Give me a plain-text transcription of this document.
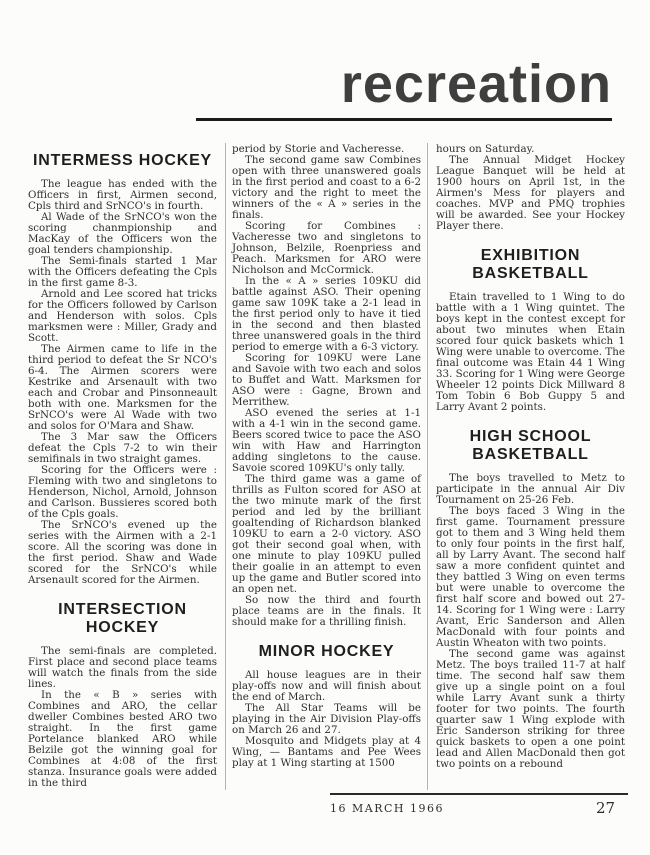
recreation
INTERMESS HOCKEY

The league has ended with the Officers in first, Airmen second, Cpls third and SrNCO's in fourth.

Al Wade of the SrNCO's won the scoring chanmpionship and MacKay of the Officers won the goal tenders championship.

The Semi-finals started 1 Mar with the Officers defeating the Cpls in the first game 8-3.

Arnold and Lee scored hat tricks for the Officers followed by Carlson and Henderson with solos. Cpls marksmen were : Miller, Grady and Scott.

The Airmen came to life in the third period to defeat the Sr NCO's 6-4. The Airmen scorers were Kestrike and Arsenault with two each and Crobar and Pinsonneault both with one. Marksmen for the SrNCO's were Al Wade with two and solos for O'Mara and Shaw.

The 3 Mar saw the Officers defeat the Cpls 7-2 to win their semifinals in two straight games.

Scoring for the Officers were : Fleming with two and singletons to Henderson, Nichol, Arnold, Johnson and Carlson. Bussieres scored both of the Cpls goals.

The SrNCO's evened up the series with the Airmen with a 2-1 score. All the scoring was done in the first period. Shaw and Wade scored for the SrNCO's while Arsenault scored for the Airmen.

INTERSECTION HOCKEY

The semi-finals are completed. First place and second place teams will watch the finals from the side lines.

In the « B » series with Combines and ARO, the cellar dweller Combines bested ARO two straight. In the first game Portelance blanked ARO while Belzile got the winning goal for Combines at 4:08 of the first stanza. Insurance goals were added in the third

period by Storie and Vacheresse.

The second game saw Combines open with three unanswered goals in the first period and coast to a 6-2 victory and the right to meet the winners of the « A » series in the finals.

Scoring for Combines : Vacheresse two and singletons to Johnson, Belzile, Roenpriess and Peach. Marksmen for ARO were Nicholson and McCormick.

In the « A » series 109KU did battle against ASO. Their opening game saw 109K take a 2-1 lead in the first period only to have it tied in the second and then blasted three unanswered goals in the third period to emerge with a 6-3 victory.

Scoring for 109KU were Lane and Savoie with two each and solos to Buffet and Watt. Marksmen for ASO were : Gagne, Brown and Merrithew.

ASO evened the series at 1-1 with a 4-1 win in the second game. Beers scored twice to pace the ASO win with Haw and Harrington adding singletons to the cause. Savoie scored 109KU's only tally.

The third game was a game of thrills as Fulton scored for ASO at the two minute mark of the first period and led by the brilliant goaltending of Richardson blanked 109KU to earn a 2-0 victory. ASO got their second goal when, with one minute to play 109KU pulled their goalie in an attempt to even up the game and Butler scored into an open net.

So now the third and fourth place teams are in the finals. It should make for a thrilling finish.

MINOR HOCKEY

All house leagues are in their play-offs now and will finish about the end of March.

The All Star Teams will be playing in the Air Division Play-offs on March 26 and 27.

Mosquito and Midgets play at 4 Wing, — Bantams and Pee Wees play at 1 Wing starting at 1500

hours on Saturday.

The Annual Midget Hockey League Banquet will be held at 1900 hours on April 1st, in the Airmen's Mess for players and coaches. MVP and PMQ trophies will be awarded. See your Hockey Player there.

EXHIBITION BASKETBALL

Etain travelled to 1 Wing to do battle with a 1 Wing quintet. The boys kept in the contest except for about two minutes when Etain scored four quick baskets which 1 Wing were unable to overcome. The final outcome was Etain 44 1 Wing 33. Scoring for 1 Wing were George Wheeler 12 points Dick Millward 8 Tom Tobin 6 Bob Guppy 5 and Larry Avant 2 points.

HIGH SCHOOL BASKETBALL

The boys travelled to Metz to participate in the annual Air Div Tournament on 25-26 Feb.

The boys faced 3 Wing in the first game. Tournament pressure got to them and 3 Wing held them to only four points in the first half, all by Larry Avant. The second half saw a more confident quintet and they battled 3 Wing on even terms but were unable to overcome the first half score and bowed out 27-14. Scoring for 1 Wing were : Larry Avant, Eric Sanderson and Allen MacDonald with four points and Austin Wheaton with two points.

The second game was against Metz. The boys trailed 11-7 at half time. The second half saw them give up a single point on a foul while Larry Avant sunk a thirty footer for two points. The fourth quarter saw 1 Wing explode with Eric Sanderson striking for three quick baskets to open a one point lead and Allen MacDonald then got two points on a rebound

16 MARCH 1966	27
